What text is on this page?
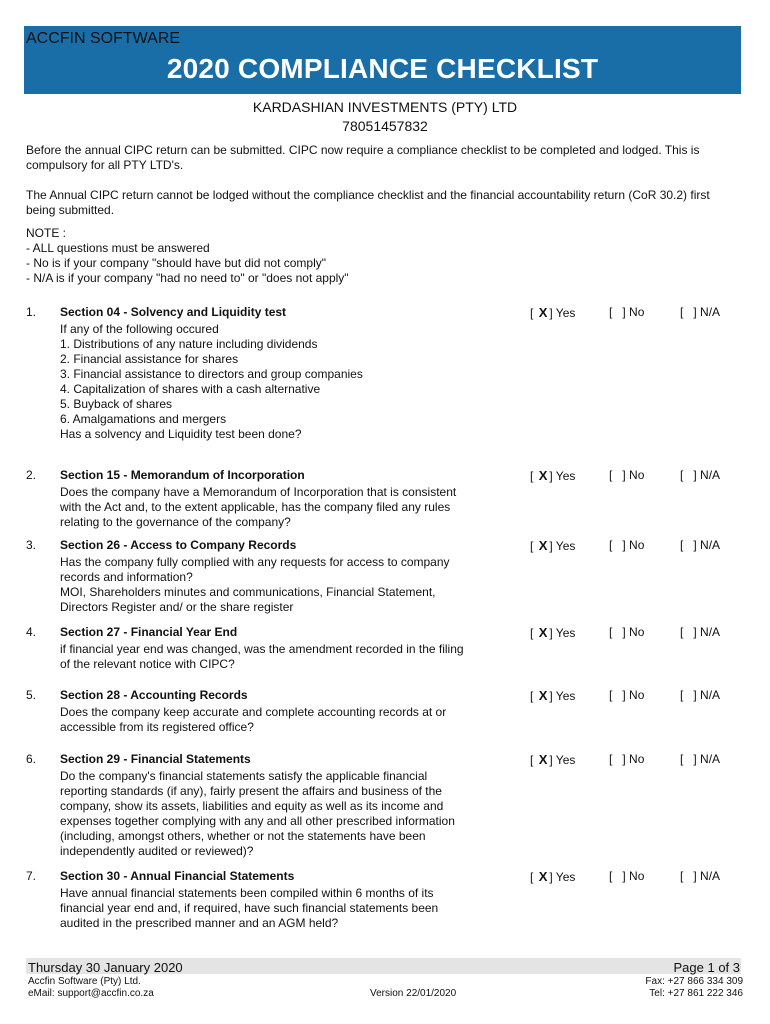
ACCFIN SOFTWARE
2020 COMPLIANCE CHECKLIST
KARDASHIAN INVESTMENTS (PTY) LTD
78051457832
Before the annual CIPC return can be submitted. CIPC now require a compliance checklist to be completed and lodged. This is compulsory for all PTY LTD's.
The Annual CIPC return cannot be lodged without the compliance checklist and the financial accountability return (CoR 30.2) first being submitted.
NOTE :
- ALL questions must be answered
- No is if your company "should have but did not comply"
- N/A is if your company "had no need to" or "does not apply"
1. Section 04 - Solvency and Liquidity test
If any of the following occured
1. Distributions of any nature including dividends
2. Financial assistance for shares
3. Financial assistance to directors and group companies
4. Capitalization of shares with a cash alternative
5. Buyback of shares
6. Amalgamations and mergers
Has a solvency and Liquidity test been done?
[ X ] Yes	[ ] No	[ ] N/A
2. Section 15 - Memorandum of Incorporation
Does the company have a Memorandum of Incorporation that is consistent
with the Act and, to the extent applicable, has the company filed any rules
relating to the governance of the company?
[ X ] Yes	[ ] No	[ ] N/A
3. Section 26 - Access to Company Records
Has the company fully complied with any requests for access to company
records and information?
MOI, Shareholders minutes and communications, Financial Statement,
Directors Register and/ or the share register
[ X ] Yes	[ ] No	[ ] N/A
4. Section 27 - Financial Year End
if financial year end was changed, was the amendment recorded in the filing
of the relevant notice with CIPC?
[ X ] Yes	[ ] No	[ ] N/A
5. Section 28 - Accounting Records
Does the company keep accurate and complete accounting records at or
accessible from its registered office?
[ X ] Yes	[ ] No	[ ] N/A
6. Section 29 - Financial Statements
Do the company's financial statements satisfy the applicable financial
reporting standards (if any), fairly present the affairs and business of the
company, show its assets, liabilities and equity as well as its income and
expenses together complying with any and all other prescribed information
(including, amongst others, whether or not the statements have been
independently audited or reviewed)?
[ X ] Yes	[ ] No	[ ] N/A
7. Section 30 - Annual Financial Statements
Have annual financial statements been compiled within 6 months of its
financial year end and, if required, have such financial statements been
audited in the prescribed manner and an AGM held?
[ X ] Yes	[ ] No	[ ] N/A
Thursday 30 January 2020	Page 1 of 3
Accfin Software (Pty) Ltd.
eMail: support@accfin.co.za	Version 22/01/2020
Fax: +27 866 334 309
Tel: +27 861 222 346
